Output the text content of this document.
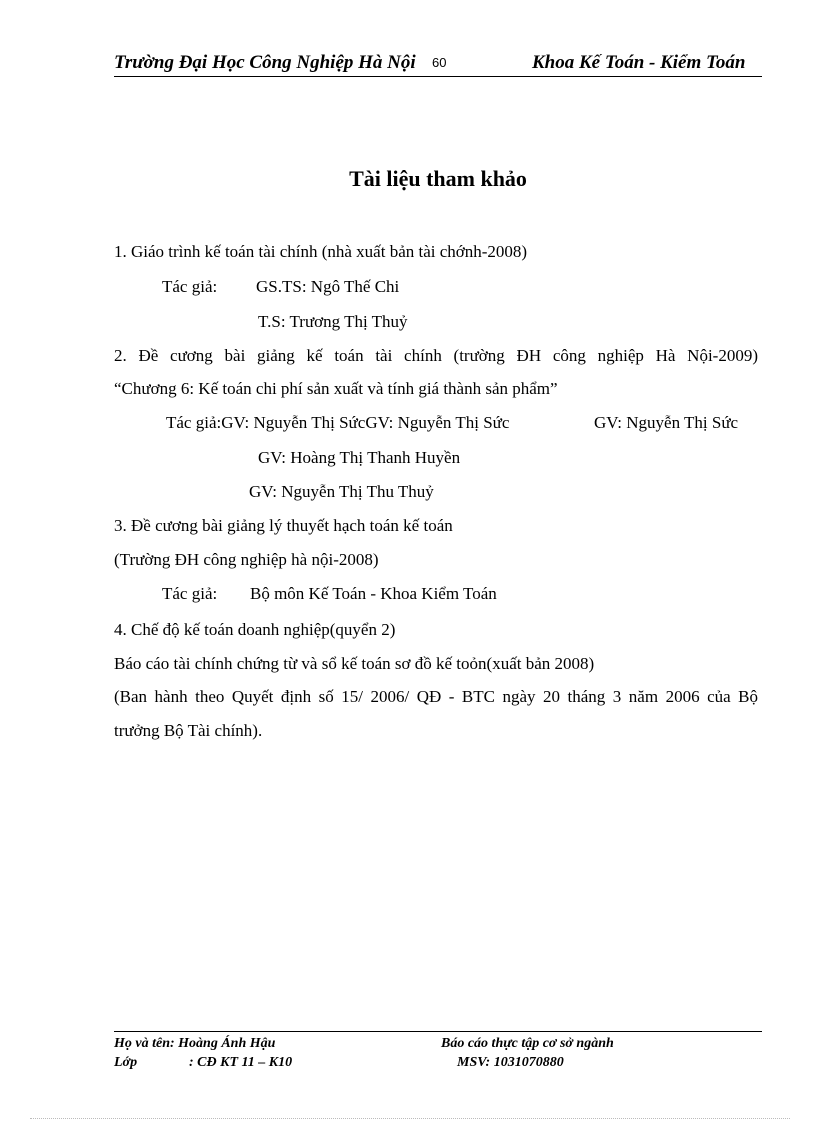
Trường Đại Học Công Nghiệp Hà Nội 60	Khoa Kế Toán - Kiểm Toán
Tài liệu tham khảo
1. Giáo trình kế toán tài chính (nhà xuất bản tài chớnh-2008)
Tác giả: GS.TS: Ngô Thế Chi
T.S: Trương Thị Thuỷ
2. Đề cương bài giảng kế toán tài chính (trường ĐH công nghiệp Hà Nội-2009)
“Chương 6: Kế toán chi phí sản xuất và tính giá thành sản phẩm”
Tác giả:GV: Nguyễn Thị SứcGV: Nguyễn Thị Sức	GV: Nguyễn Thị Sức
GV: Hoàng Thị Thanh Huyền
GV: Nguyễn Thị Thu Thuỷ
3. Đề cương bài giảng lý thuyết hạch toán kế toán
(Trường ĐH công nghiệp hà nội-2008)
Tác giả: Bộ môn Kế Toán - Khoa Kiểm Toán
4. Chế độ kế toán doanh nghiệp(quyển 2)
Báo cáo tài chính chứng từ và sổ kế toán sơ đồ kế toỏn(xuất bản 2008)
(Ban hành theo Quyết định số 15/ 2006/ QĐ - BTC ngày 20 tháng 3 năm 2006 của Bộ
trưởng Bộ Tài chính).
Họ và tên: Hoàng Ánh Hậu	Báo cáo thực tập cơ sở ngành
Lớp	: CĐ KT 11 – K10	MSV: 1031070880
